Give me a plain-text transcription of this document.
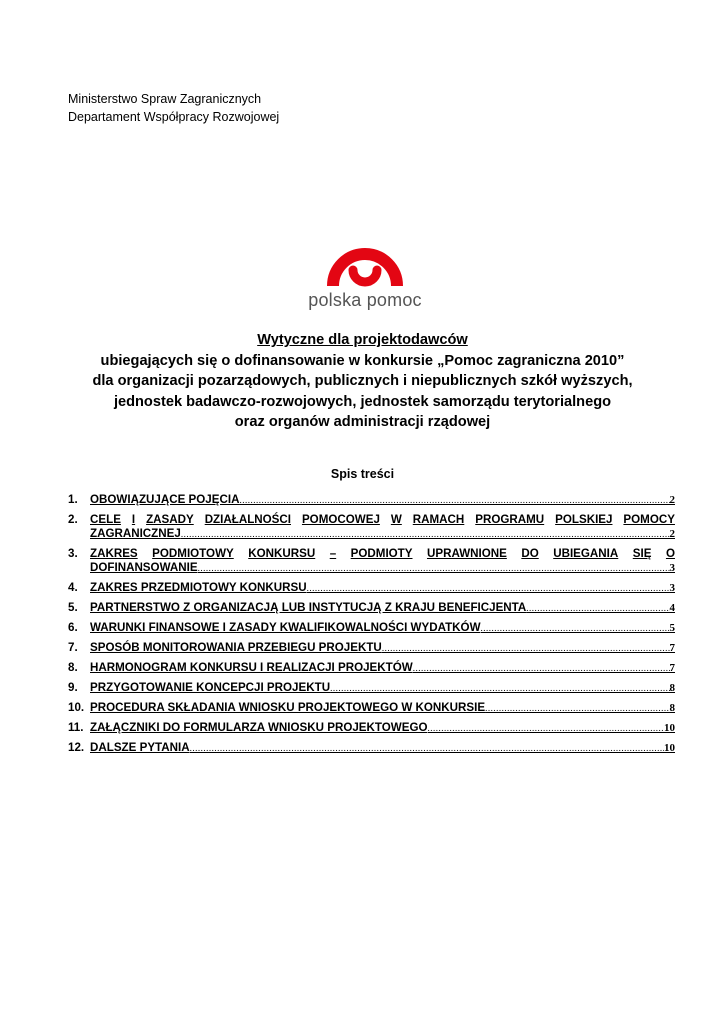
Ministerstwo Spraw Zagranicznych
Departament Współpracy Rozwojowej
polska pomoc
Wytyczne dla projektodawców
ubiegających się o dofinansowanie w konkursie „Pomoc zagraniczna 2010”
dla organizacji pozarządowych, publicznych i niepublicznych szkół wyższych,
jednostek badawczo-rozwojowych, jednostek samorządu terytorialnego
oraz organów administracji rządowej
Spis treści
1.	OBOWIĄZUJĄCE POJĘCIA .....	2
2.	CELE I ZASADY DZIAŁALNOŚCI POMOCOWEJ W RAMACH PROGRAMU POLSKIEJ POMOCY
ZAGRANICZNEJ .....	2
3.	ZAKRES PODMIOTOWY KONKURSU – PODMIOTY UPRAWNIONE DO UBIEGANIA SIĘ O
DOFINANSOWANIE .....	3
4.	ZAKRES PRZEDMIOTOWY KONKURSU .....	3
5.	PARTNERSTWO Z ORGANIZACJĄ LUB INSTYTUCJĄ Z KRAJU BENEFICJENTA .....	4
6.	WARUNKI FINANSOWE I ZASADY KWALIFIKOWALNOŚCI WYDATKÓW .....	5
7.	SPOSÓB MONITOROWANIA PRZEBIEGU PROJEKTU .....	7
8.	HARMONOGRAM KONKURSU I REALIZACJI PROJEKTÓW .....	7
9.	PRZYGOTOWANIE KONCEPCJI PROJEKTU .....	8
10. PROCEDURA SKŁADANIA WNIOSKU PROJEKTOWEGO W KONKURSIE .....	8
11. ZAŁĄCZNIKI DO FORMULARZA WNIOSKU PROJEKTOWEGO .....	10
12. DALSZE PYTANIA .....	10
